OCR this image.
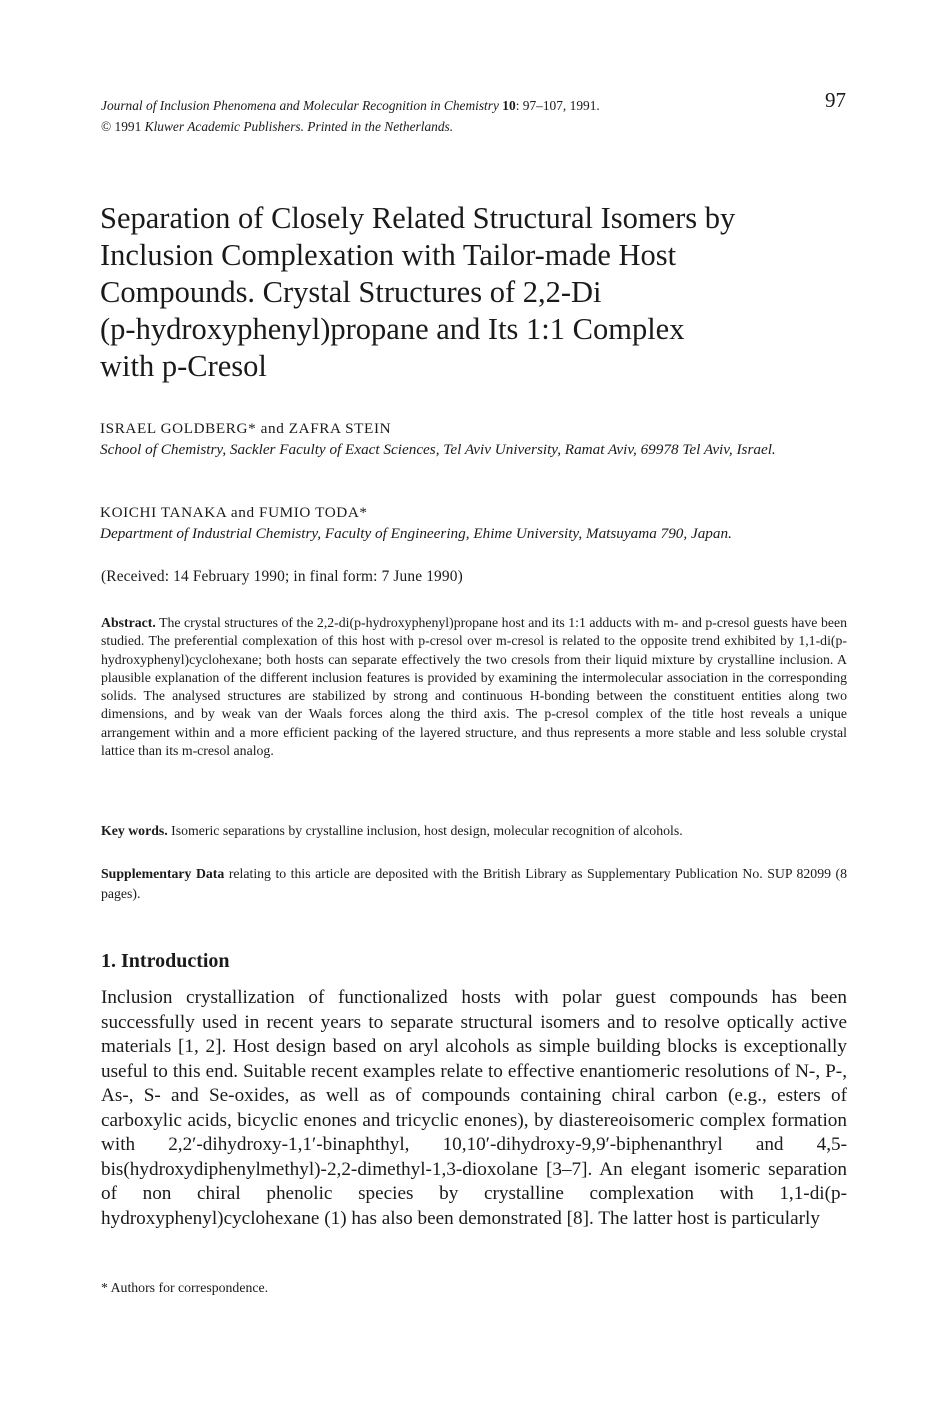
Journal of Inclusion Phenomena and Molecular Recognition in Chemistry 10: 97–107, 1991.
© 1991 Kluwer Academic Publishers. Printed in the Netherlands.
97
Separation of Closely Related Structural Isomers by
Inclusion Complexation with Tailor-made Host
Compounds. Crystal Structures of 2,2-Di
(p-hydroxyphenyl)propane and Its 1:1 Complex
with p-Cresol
ISRAEL GOLDBERG* and ZAFRA STEIN
School of Chemistry, Sackler Faculty of Exact Sciences, Tel Aviv University, Ramat Aviv, 69978 Tel Aviv, Israel.
KOICHI TANAKA and FUMIO TODA*
Department of Industrial Chemistry, Faculty of Engineering, Ehime University, Matsuyama 790, Japan.
(Received: 14 February 1990; in final form: 7 June 1990)
Abstract. The crystal structures of the 2,2-di(p-hydroxyphenyl)propane host and its 1:1 adducts with m- and p-cresol guests have been studied. The preferential complexation of this host with p-cresol over m-cresol is related to the opposite trend exhibited by 1,1-di(p-hydroxyphenyl)cyclohexane; both hosts can separate effectively the two cresols from their liquid mixture by crystalline inclusion. A plausible explanation of the different inclusion features is provided by examining the intermolecular association in the corresponding solids. The analysed structures are stabilized by strong and continuous H-bonding between the constituent entities along two dimensions, and by weak van der Waals forces along the third axis. The p-cresol complex of the title host reveals a unique arrangement within and a more efficient packing of the layered structure, and thus represents a more stable and less soluble crystal lattice than its m-cresol analog.
Key words. Isomeric separations by crystalline inclusion, host design, molecular recognition of alcohols.
Supplementary Data relating to this article are deposited with the British Library as Supplementary Publication No. SUP 82099 (8 pages).
1. Introduction

Inclusion crystallization of functionalized hosts with polar guest compounds has been successfully used in recent years to separate structural isomers and to resolve optically active materials [1, 2]. Host design based on aryl alcohols as simple building blocks is exceptionally useful to this end. Suitable recent examples relate to effective enantiomeric resolutions of N-, P-, As-, S- and Se-oxides, as well as of compounds containing chiral carbon (e.g., esters of carboxylic acids, bicyclic enones and tricyclic enones), by diastereoisomeric complex formation with 2,2′-dihydroxy-1,1′-binaphthyl, 10,10′-dihydroxy-9,9′-biphenanthryl and 4,5-bis(hydroxydiphenylmethyl)-2,2-dimethyl-1,3-dioxolane [3–7]. An elegant isomeric separation of non chiral phenolic species by crystalline complexation with 1,1-di(p-hydroxyphenyl)cyclohexane (1) has also been demonstrated [8]. The latter host is particularly

* Authors for correspondence.
